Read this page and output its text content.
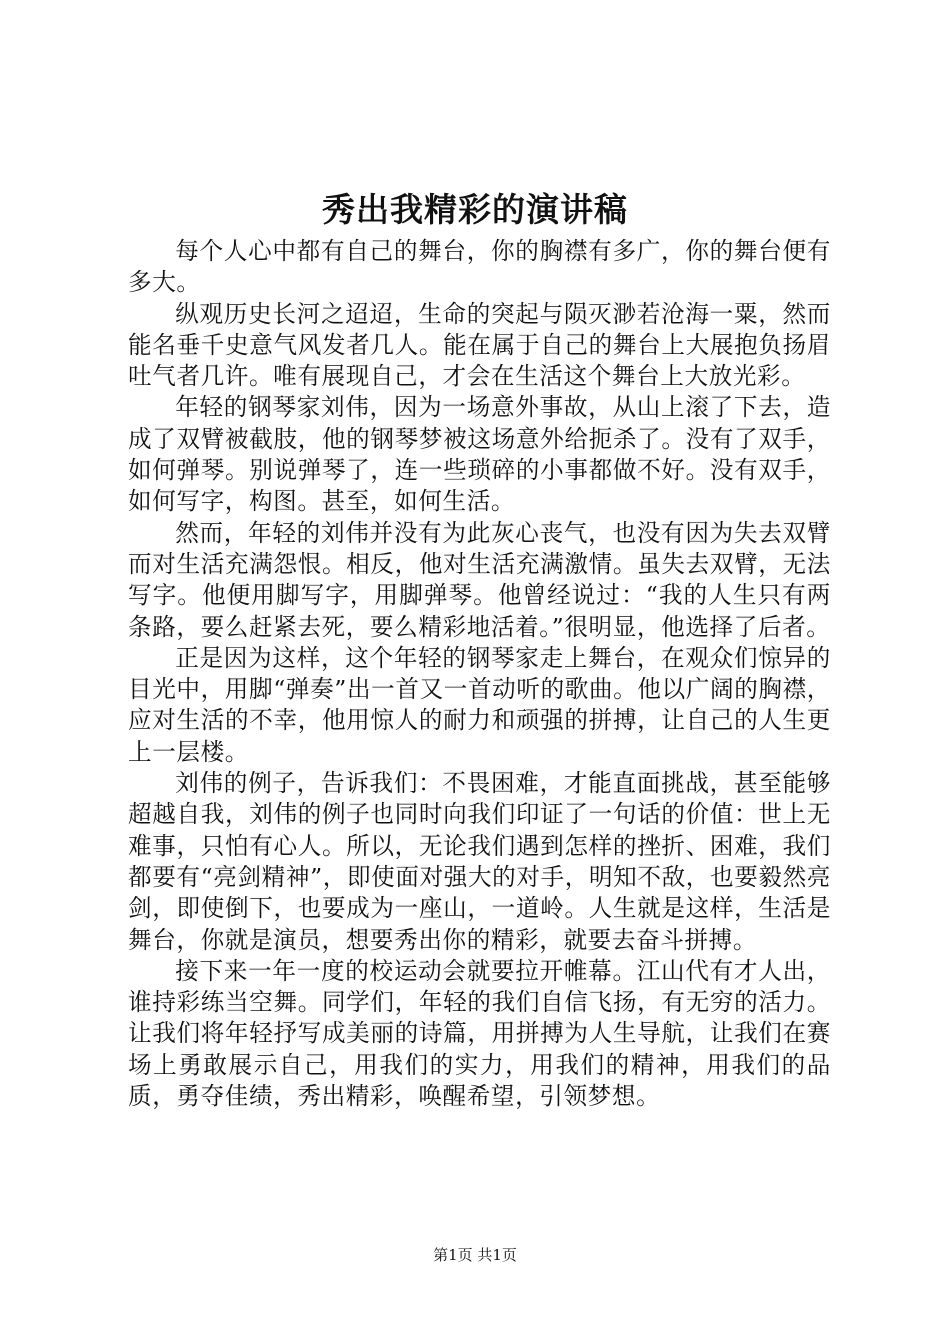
秀出我精彩的演讲稿

每个人心中都有自己的舞台，你的胸襟有多广，你的舞台便有多大。

纵观历史长河之迢迢，生命的突起与陨灭渺若沧海一粟，然而能名垂千史意气风发者几人。能在属于自己的舞台上大展抱负扬眉吐气者几许。唯有展现自己，才会在生活这个舞台上大放光彩。

年轻的钢琴家刘伟，因为一场意外事故，从山上滚了下去，造成了双臂被截肢，他的钢琴梦被这场意外给扼杀了。没有了双手，如何弹琴。别说弹琴了，连一些琐碎的小事都做不好。没有双手，如何写字，构图。甚至，如何生活。

然而，年轻的刘伟并没有为此灰心丧气，也没有因为失去双臂而对生活充满怨恨。相反，他对生活充满激情。虽失去双臂，无法写字。他便用脚写字，用脚弹琴。他曾经说过：“我的人生只有两条路，要么赶紧去死，要么精彩地活着。”很明显，他选择了后者。

正是因为这样，这个年轻的钢琴家走上舞台，在观众们惊异的目光中，用脚“弹奏”出一首又一首动听的歌曲。他以广阔的胸襟，应对生活的不幸，他用惊人的耐力和顽强的拼搏，让自己的人生更上一层楼。

刘伟的例子，告诉我们：不畏困难，才能直面挑战，甚至能够超越自我，刘伟的例子也同时向我们印证了一句话的价值：世上无难事，只怕有心人。所以，无论我们遇到怎样的挫折、困难，我们都要有“亮剑精神”，即使面对强大的对手，明知不敌，也要毅然亮剑，即使倒下，也要成为一座山，一道岭。人生就是这样，生活是舞台，你就是演员，想要秀出你的精彩，就要去奋斗拼搏。

接下来一年一度的校运动会就要拉开帷幕。江山代有才人出，谁持彩练当空舞。同学们，年轻的我们自信飞扬，有无穷的活力。让我们将年轻抒写成美丽的诗篇，用拼搏为人生导航，让我们在赛场上勇敢展示自己，用我们的实力，用我们的精神，用我们的品质，勇夺佳绩，秀出精彩，唤醒希望，引领梦想。

第1页 共1页
